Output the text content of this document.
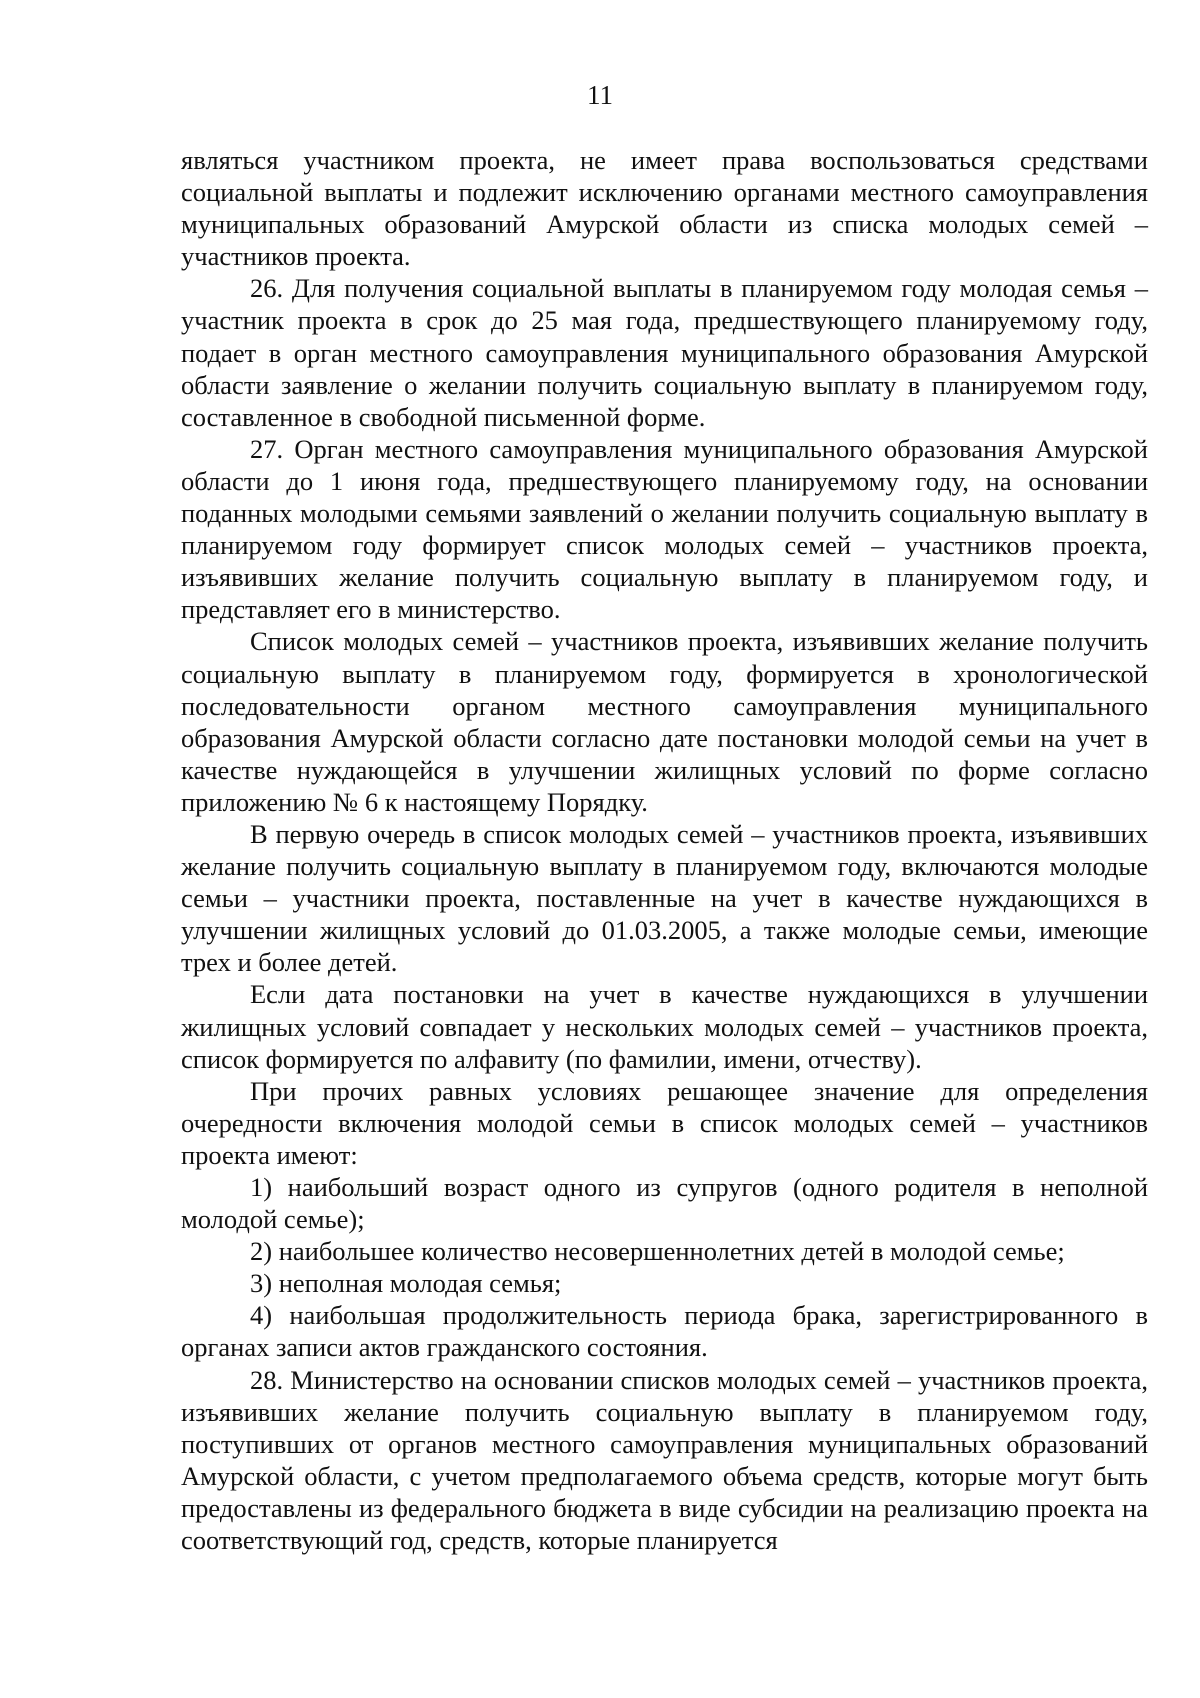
11

являться участником проекта, не имеет права воспользоваться средствами социальной выплаты и подлежит исключению органами местного самоуправления муниципальных образований Амурской области из списка молодых семей – участников проекта.

26. Для получения социальной выплаты в планируемом году молодая семья – участник проекта в срок до 25 мая года, предшествующего планируемому году, подает в орган местного самоуправления муниципального образования Амурской области заявление о желании получить социальную выплату в планируемом году, составленное в свободной письменной форме.

27. Орган местного самоуправления муниципального образования Амурской области до 1 июня года, предшествующего планируемому году, на основании поданных молодыми семьями заявлений о желании получить социальную выплату в планируемом году формирует список молодых семей – участников проекта, изъявивших желание получить социальную выплату в планируемом году, и представляет его в министерство.

Список молодых семей – участников проекта, изъявивших желание получить социальную выплату в планируемом году, формируется в хронологической последовательности органом местного самоуправления муниципального образования Амурской области согласно дате постановки молодой семьи на учет в качестве нуждающейся в улучшении жилищных условий по форме согласно приложению № 6 к настоящему Порядку.

В первую очередь в список молодых семей – участников проекта, изъявивших желание получить социальную выплату в планируемом году, включаются молодые семьи – участники проекта, поставленные на учет в качестве нуждающихся в улучшении жилищных условий до 01.03.2005, а также молодые семьи, имеющие трех и более детей.

Если дата постановки на учет в качестве нуждающихся в улучшении жилищных условий совпадает у нескольких молодых семей – участников проекта, список формируется по алфавиту (по фамилии, имени, отчеству).

При прочих равных условиях решающее значение для определения очередности включения молодой семьи в список молодых семей – участников проекта имеют:

1) наибольший возраст одного из супругов (одного родителя в неполной молодой семье);

2) наибольшее количество несовершеннолетних детей в молодой семье;

3) неполная молодая семья;

4) наибольшая продолжительность периода брака, зарегистрированного в органах записи актов гражданского состояния.

28. Министерство на основании списков молодых семей – участников проекта, изъявивших желание получить социальную выплату в планируемом году, поступивших от органов местного самоуправления муниципальных образований Амурской области, с учетом предполагаемого объема средств, которые могут быть предоставлены из федерального бюджета в виде субсидии на реализацию проекта на соответствующий год, средств, которые планируется
